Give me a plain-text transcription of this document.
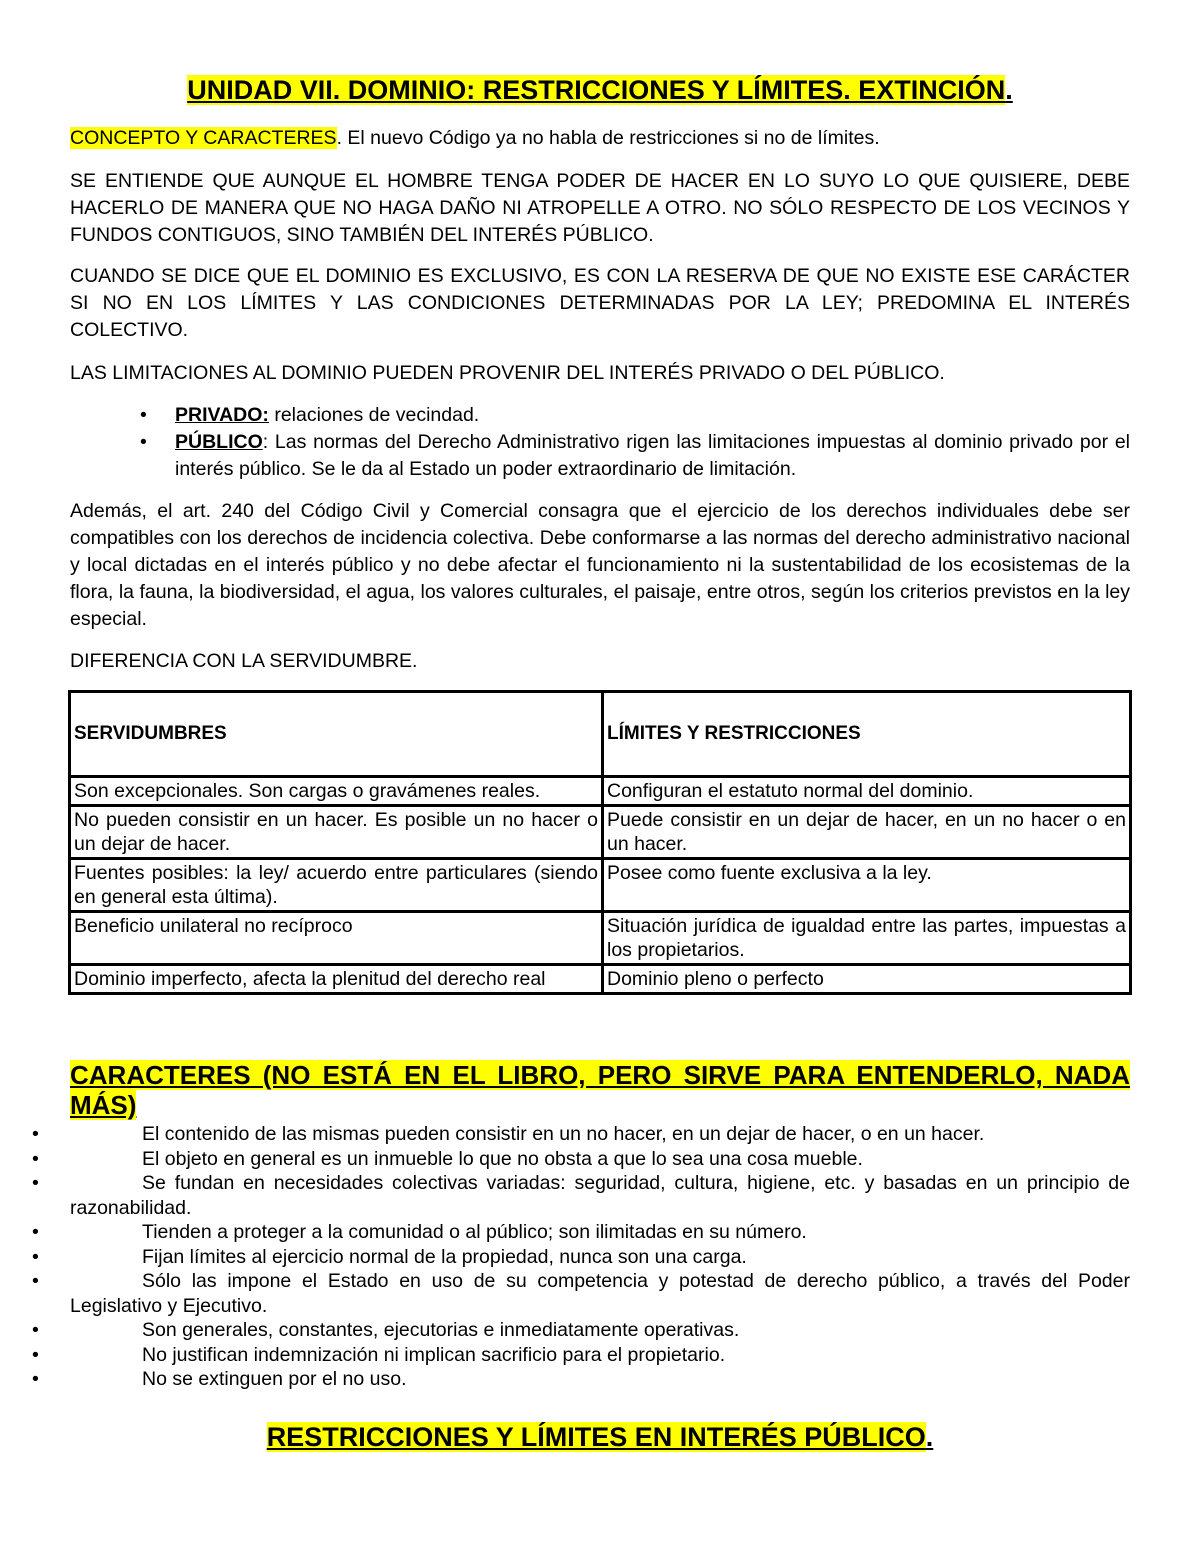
UNIDAD VII. DOMINIO: RESTRICCIONES Y LÍMITES. EXTINCIÓN.

CONCEPTO Y CARACTERES. El nuevo Código ya no habla de restricciones si no de límites.

SE ENTIENDE QUE AUNQUE EL HOMBRE TENGA PODER DE HACER EN LO SUYO LO QUE QUISIERE, DEBE HACERLO DE MANERA QUE NO HAGA DAÑO NI ATROPELLE A OTRO. NO SÓLO RESPECTO DE LOS VECINOS Y FUNDOS CONTIGUOS, SINO TAMBIÉN DEL INTERÉS PÚBLICO.

CUANDO SE DICE QUE EL DOMINIO ES EXCLUSIVO, ES CON LA RESERVA DE QUE NO EXISTE ESE CARÁCTER SI NO EN LOS LÍMITES Y LAS CONDICIONES DETERMINADAS POR LA LEY; PREDOMINA EL INTERÉS COLECTIVO.

LAS LIMITACIONES AL DOMINIO PUEDEN PROVENIR DEL INTERÉS PRIVADO O DEL PÚBLICO.

• PRIVADO: relaciones de vecindad.
• PÚBLICO: Las normas del Derecho Administrativo rigen las limitaciones impuestas al dominio privado por el interés público. Se le da al Estado un poder extraordinario de limitación.

Además, el art. 240 del Código Civil y Comercial consagra que el ejercicio de los derechos individuales debe ser compatibles con los derechos de incidencia colectiva. Debe conformarse a las normas del derecho administrativo nacional y local dictadas en el interés público y no debe afectar el funcionamiento ni la sustentabilidad de los ecosistemas de la flora, la fauna, la biodiversidad, el agua, los valores culturales, el paisaje, entre otros, según los criterios previstos en la ley especial.

DIFERENCIA CON LA SERVIDUMBRE.

SERVIDUMBRES	LÍMITES Y RESTRICCIONES
Son excepcionales. Son cargas o gravámenes reales.	Configuran el estatuto normal del dominio.
No pueden consistir en un hacer. Es posible un no hacer o un dejar de hacer.	Puede consistir en un dejar de hacer, en un no hacer o en un hacer.
Fuentes posibles: la ley/ acuerdo entre particulares (siendo en general esta última).	Posee como fuente exclusiva a la ley.
Beneficio unilateral no recíproco	Situación jurídica de igualdad entre las partes, impuestas a los propietarios.
Dominio imperfecto, afecta la plenitud del derecho real	Dominio pleno o perfecto
CARACTERES (NO ESTÁ EN EL LIBRO, PERO SIRVE PARA ENTENDERLO, NADA MÁS)
•	El contenido de las mismas pueden consistir en un no hacer, en un dejar de hacer, o en un hacer.
•	El objeto en general es un inmueble lo que no obsta a que lo sea una cosa mueble.
•	Se fundan en necesidades colectivas variadas: seguridad, cultura, higiene, etc. y basadas en un principio de razonabilidad.
•	Tienden a proteger a la comunidad o al público; son ilimitadas en su número.
•	Fijan límites al ejercicio normal de la propiedad, nunca son una carga.
•	Sólo las impone el Estado en uso de su competencia y potestad de derecho público, a través del Poder Legislativo y Ejecutivo.
•	Son generales, constantes, ejecutorias e inmediatamente operativas.
•	No justifican indemnización ni implican sacrificio para el propietario.
•	No se extinguen por el no uso.
RESTRICCIONES Y LÍMITES EN INTERÉS PÚBLICO.
